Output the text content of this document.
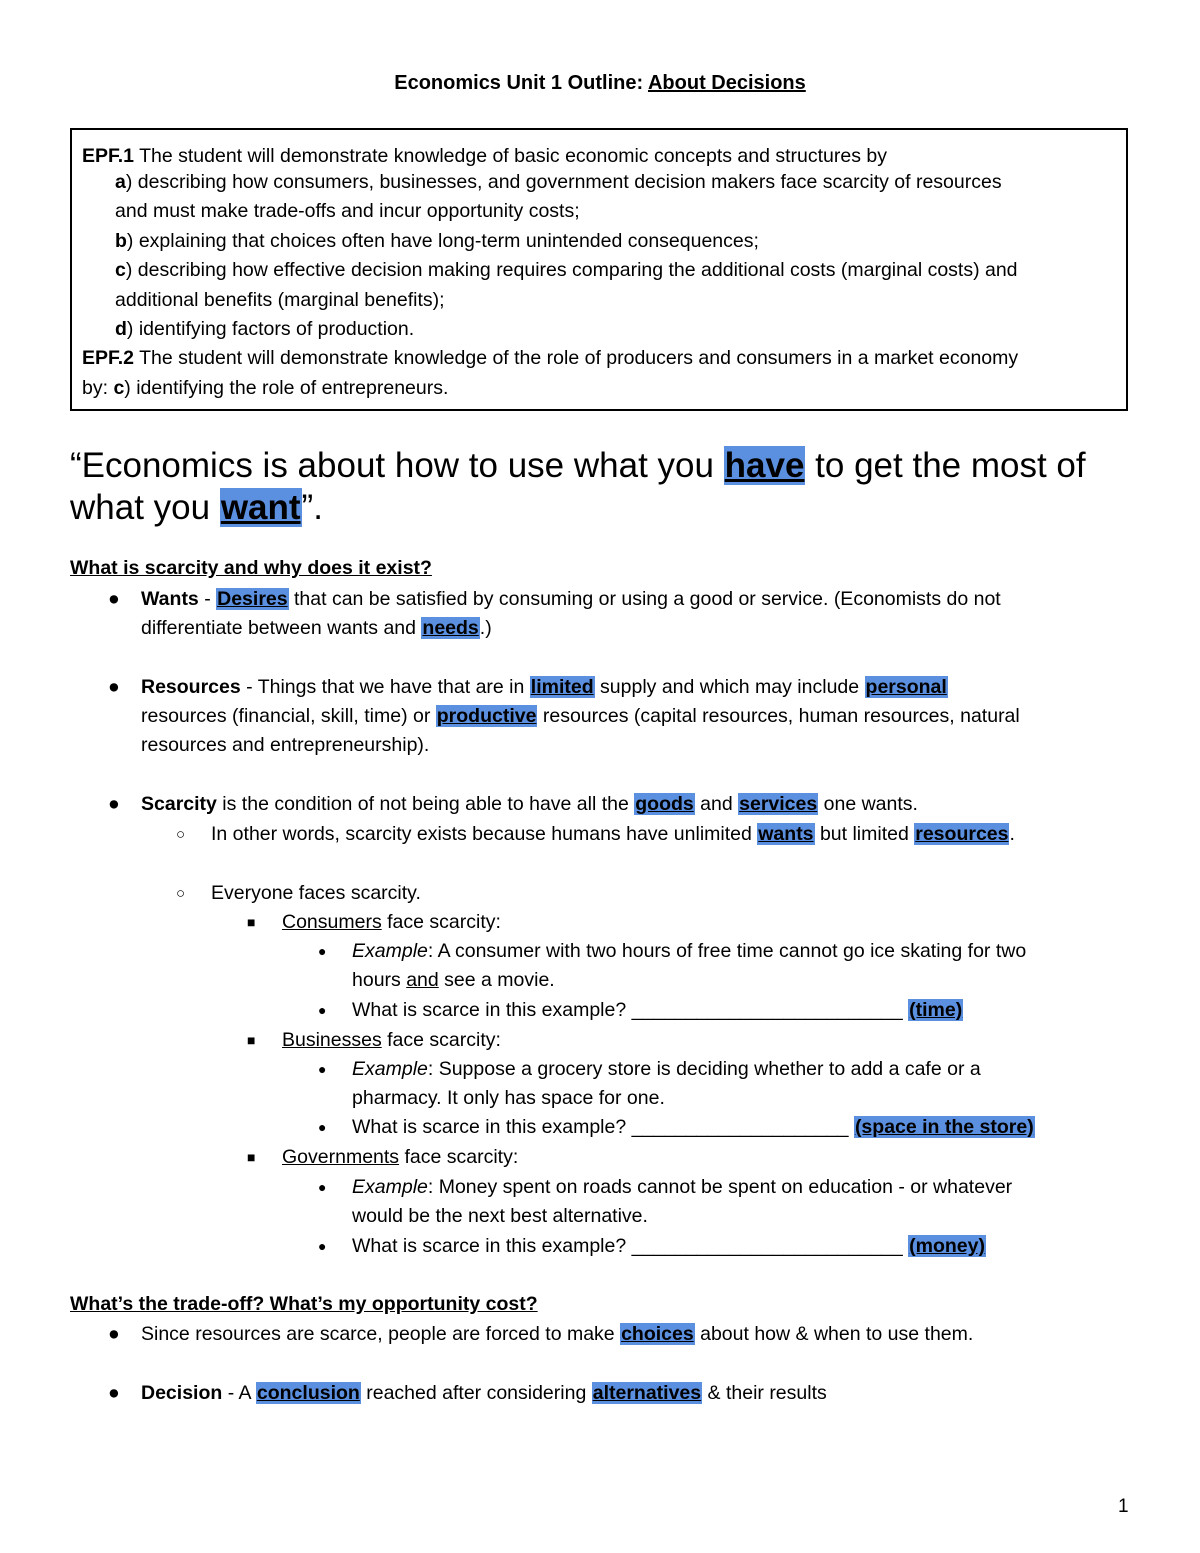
Economics Unit 1 Outline: About Decisions
EPF.1 The student will demonstrate knowledge of basic economic concepts and structures by
a) describing how consumers, businesses, and government decision makers face scarcity of resources
and must make trade-offs and incur opportunity costs;
b) explaining that choices often have long-term unintended consequences;
c) describing how effective decision making requires comparing the additional costs (marginal costs) and
additional benefits (marginal benefits);
d) identifying factors of production.
EPF.2 The student will demonstrate knowledge of the role of producers and consumers in a market economy
by: c) identifying the role of entrepreneurs.
“Economics is about how to use what you have to get the most of what you want”.
What is scarcity and why does it exist?
● Wants - Desires that can be satisfied by consuming or using a good or service. (Economists do not
differentiate between wants and needs.)
● Resources - Things that we have that are in limited supply and which may include personal
resources (financial, skill, time) or productive resources (capital resources, human resources, natural
resources and entrepreneurship).
● Scarcity is the condition of not being able to have all the goods and services one wants.
○ In other words, scarcity exists because humans have unlimited wants but limited resources.
○ Everyone faces scarcity.
■ Consumers face scarcity:
● Example: A consumer with two hours of free time cannot go ice skating for two
hours and see a movie.
● What is scarce in this example? _________________________ (time)
■ Businesses face scarcity:
● Example: Suppose a grocery store is deciding whether to add a cafe or a
pharmacy. It only has space for one.
● What is scarce in this example? ____________________ (space in the store)
■ Governments face scarcity:
● Example: Money spent on roads cannot be spent on education - or whatever
would be the next best alternative.
● What is scarce in this example? _________________________ (money)
What’s the trade-off? What’s my opportunity cost?
● Since resources are scarce, people are forced to make choices about how & when to use them.
● Decision - A conclusion reached after considering alternatives & their results
1
